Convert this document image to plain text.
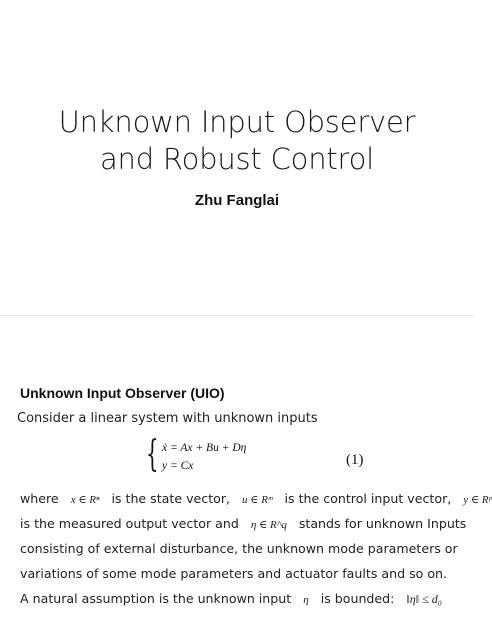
Unknown Input Observer
and Robust Control
Zhu Fanglai
Unknown Input Observer (UIO)
Consider a linear system with unknown inputs
{ ẋ = Ax + Bu + Dη
y = Cx	(1)
where x ∈ Rⁿ is the state vector, u ∈ Rᵐ is the control input vector, y ∈ Rᵖ
is the measured output vector and η ∈ R^q stands for unknown Inputs
consisting of external disturbance, the unknown mode parameters or
variations of some mode parameters and actuator faults and so on.
A natural assumption is the unknown input η is bounded: ‖η‖ ≤ d₀
